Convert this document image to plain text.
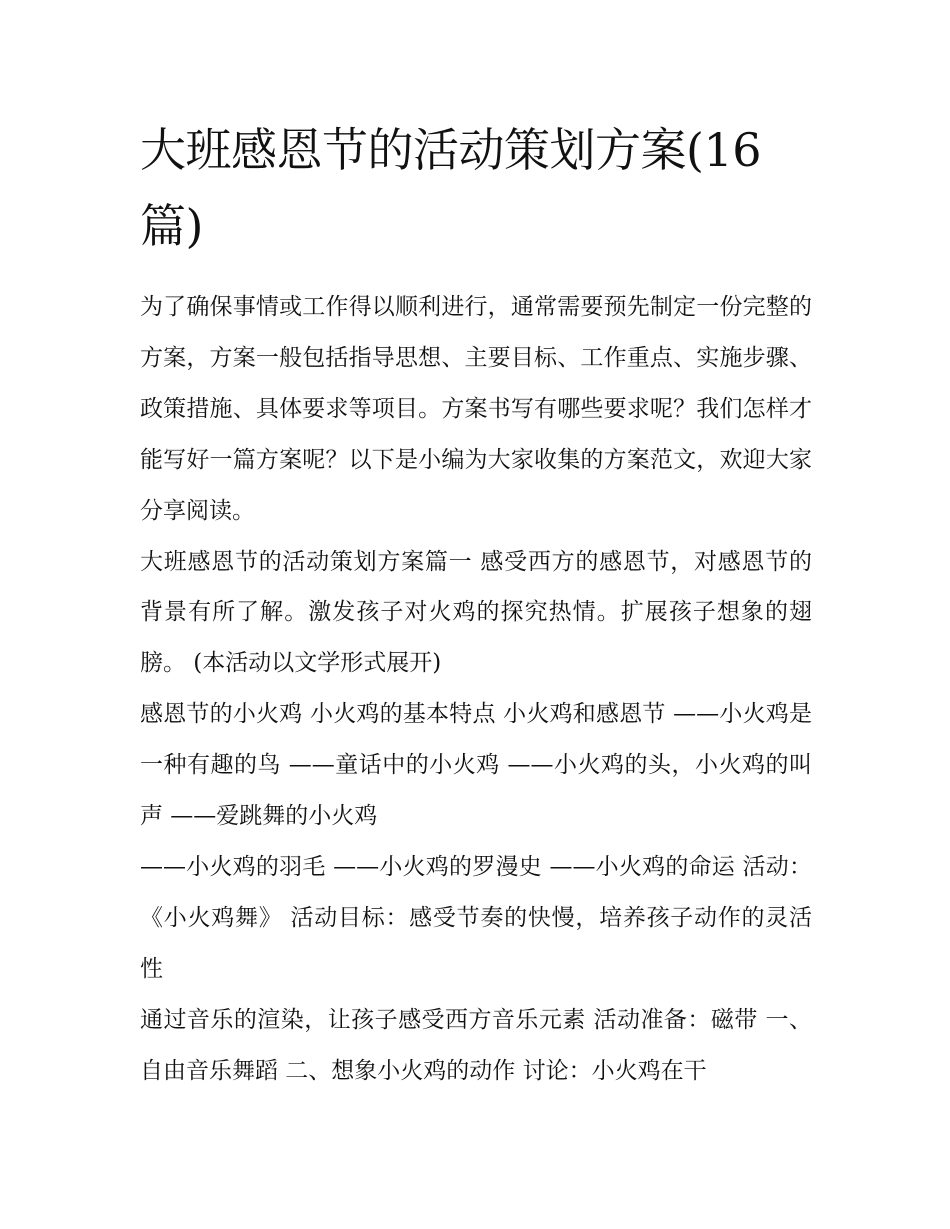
大班感恩节的活动策划方案(16篇)

为了确保事情或工作得以顺利进行，通常需要预先制定一份完整的方案，方案一般包括指导思想、主要目标、工作重点、实施步骤、政策措施、具体要求等项目。方案书写有哪些要求呢？我们怎样才能写好一篇方案呢？以下是小编为大家收集的方案范文，欢迎大家分享阅读。

大班感恩节的活动策划方案篇一 感受西方的感恩节，对感恩节的背景有所了解。激发孩子对火鸡的探究热情。扩展孩子想象的翅膀。 (本活动以文学形式展开)

感恩节的小火鸡 小火鸡的基本特点 小火鸡和感恩节 ——小火鸡是一种有趣的鸟 ——童话中的小火鸡 ——小火鸡的头，小火鸡的叫声 ——爱跳舞的小火鸡

——小火鸡的羽毛 ——小火鸡的罗漫史 ——小火鸡的命运 活动：《小火鸡舞》 活动目标：感受节奏的快慢，培养孩子动作的灵活性

通过音乐的渲染，让孩子感受西方音乐元素 活动准备：磁带 一、自由音乐舞蹈 二、想象小火鸡的动作 讨论：小火鸡在干
